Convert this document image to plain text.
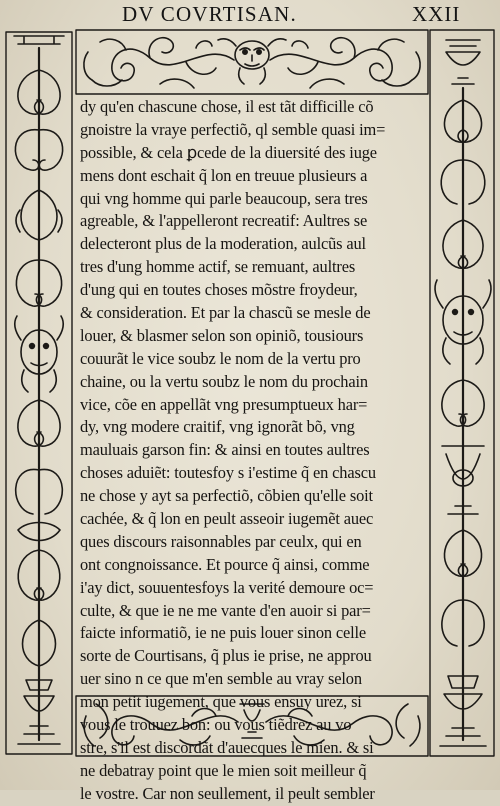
DV COVRTISAN.	XXII
dy qu'en chascune chose, il est tãt difficille cõ
gnoistre la vraye perfectiõ, ql semble quasi im=
possible, & cela ꝑcede de la diuersité des iuge
mens dont eschait q̃ lon en treuue plusieurs a
qui vng homme qui parle beaucoup, sera tres
agreable, & l'appelleront recreatif: Aultres se
delecteront plus de la moderation, aulcũs aul
tres d'ung homme actif, se remuant, aultres
d'ung qui en toutes choses mõstre froydeur,
& consideration. Et par la chascũ se mesle de
louer, & blasmer selon son opiniõ, tousiours
couurãt le vice soubz le nom de la vertu pro
chaine, ou la vertu soubz le nom du prochain
vice, cõe en appellãt vng presumptueux har=
dy, vng modere craitif, vng ignorãt bõ, vng
mauluais garson fin: & ainsi en toutes aultres
choses aduiẽt: toutesfoy s i'estime q̃ en chascu
ne chose y ayt sa perfectiõ, cõbien qu'elle soit
cachée, & q̃ lon en peult asseoir iugemẽt auec
ques discours raisonnables par ceulx, qui en
ont congnoissance. Et pource q̃ ainsi, comme
i'ay dict, souuentesfoys la verité demoure oc=
culte, & que ie ne me vante d'en auoir si par=
faicte informatiõ, ie ne puis louer sinon celle
sorte de Courtisans, q̃ plus ie prise, ne approu
uer sino n ce que m'en semble au vray selon
mon petit iugement, que vous ensuy urez, si
vous le trouuez bon: ou vous tiẽdrez au vo
stre, s'il est discordãt d'auecques le mien. & si
ne debatray point que le mien soit meilleur q̃
le vostre. Car non seullement, il peult sembler
